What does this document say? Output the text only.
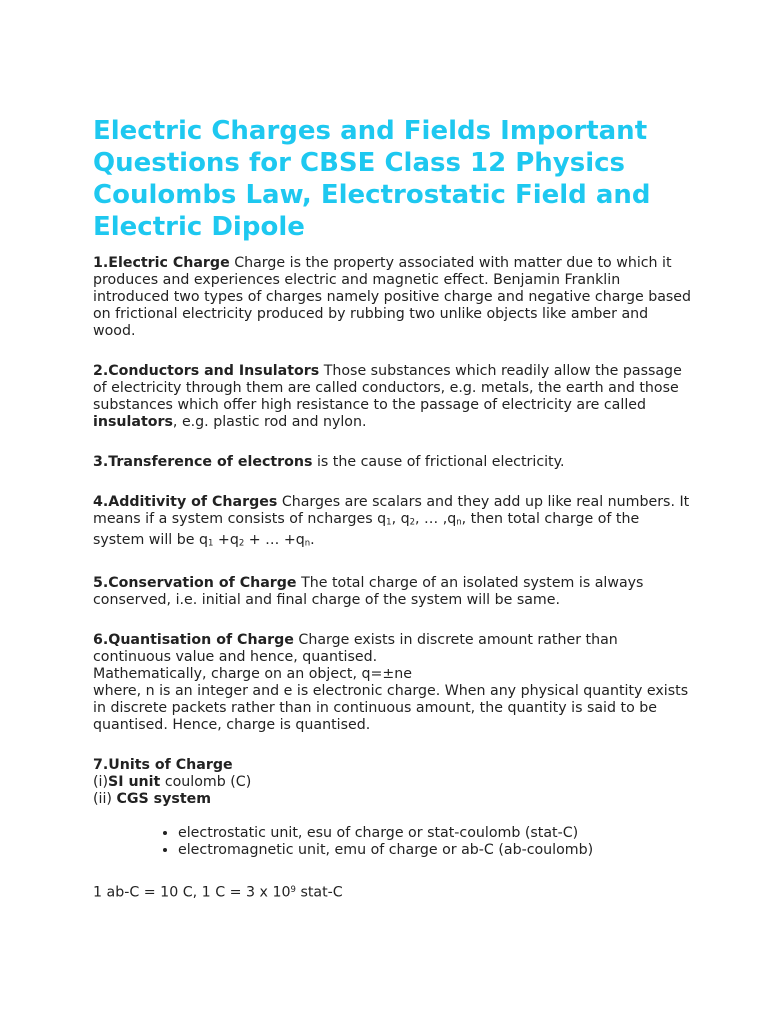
Electric Charges and Fields Important Questions for CBSE Class 12 Physics Coulombs Law, Electrostatic Field and Electric Dipole

1.Electric Charge Charge is the property associated with matter due to which it produces and experiences electric and magnetic effect. Benjamin Franklin introduced two types of charges namely positive charge and negative charge based on frictional electricity produced by rubbing two unlike objects like amber and wood.

2.Conductors and Insulators Those substances which readily allow the passage of electricity through them are called conductors, e.g. metals, the earth and those substances which offer high resistance to the passage of electricity are called insulators, e.g. plastic rod and nylon.

3.Transference of electrons is the cause of frictional electricity.

4.Additivity of Charges Charges are scalars and they add up like real numbers. It means if a system consists of ncharges $q_1$, $q_2$, … $,q_n$, then total charge of the system will be $q_1 +q_2$ + … $+q_n$.

5.Conservation of Charge The total charge of an isolated system is always conserved, i.e. initial and final charge of the system will be same.

6.Quantisation of Charge Charge exists in discrete amount rather than continuous value and hence, quantised.
Mathematically, charge on an object, q=±ne
where, n is an integer and e is electronic charge. When any physical quantity exists in discrete packets rather than in continuous amount, the quantity is said to be quantised. Hence, charge is quantised.

7.Units of Charge
(i)SI unit coulomb (C)
(ii) CGS system

• electrostatic unit, esu of charge or stat-coulomb (stat-C)
• electromagnetic unit, emu of charge or ab-C (ab-coulomb)

1 ab-C = 10 C, 1 C = 3 x $10^9$ stat-C
